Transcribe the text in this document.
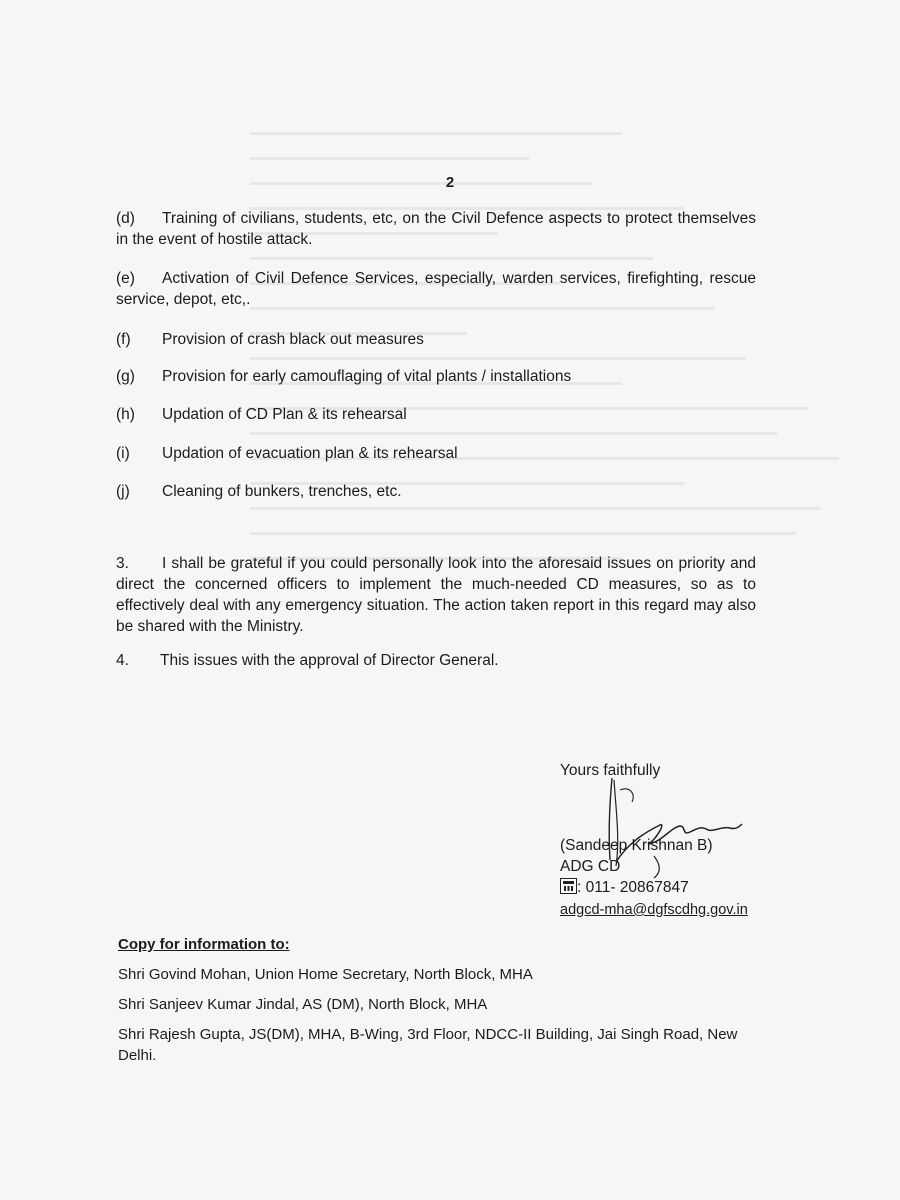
2
(d) Training of civilians, students, etc, on the Civil Defence aspects to protect themselves in the event of hostile attack.
(e) Activation of Civil Defence Services, especially, warden services, firefighting, rescue service, depot, etc,.
(f) Provision of crash black out measures
(g) Provision for early camouflaging of vital plants / installations
(h) Updation of CD Plan & its rehearsal
(i) Updation of evacuation plan & its rehearsal
(j) Cleaning of bunkers, trenches, etc.
3. I shall be grateful if you could personally look into the aforesaid issues on priority and direct the concerned officers to implement the much-needed CD measures, so as to effectively deal with any emergency situation. The action taken report in this regard may also be shared with the Ministry.
4. This issues with the approval of Director General.
Yours faithfully
(Sandeep Krishnan B)
ADG CD
: 011- 20867847
adgcd-mha@dgfscdhg.gov.in
Copy for information to:
Shri Govind Mohan, Union Home Secretary, North Block, MHA
Shri Sanjeev Kumar Jindal, AS (DM), North Block, MHA
Shri Rajesh Gupta, JS(DM), MHA, B-Wing, 3rd Floor, NDCC-II Building, Jai Singh Road, New Delhi.
